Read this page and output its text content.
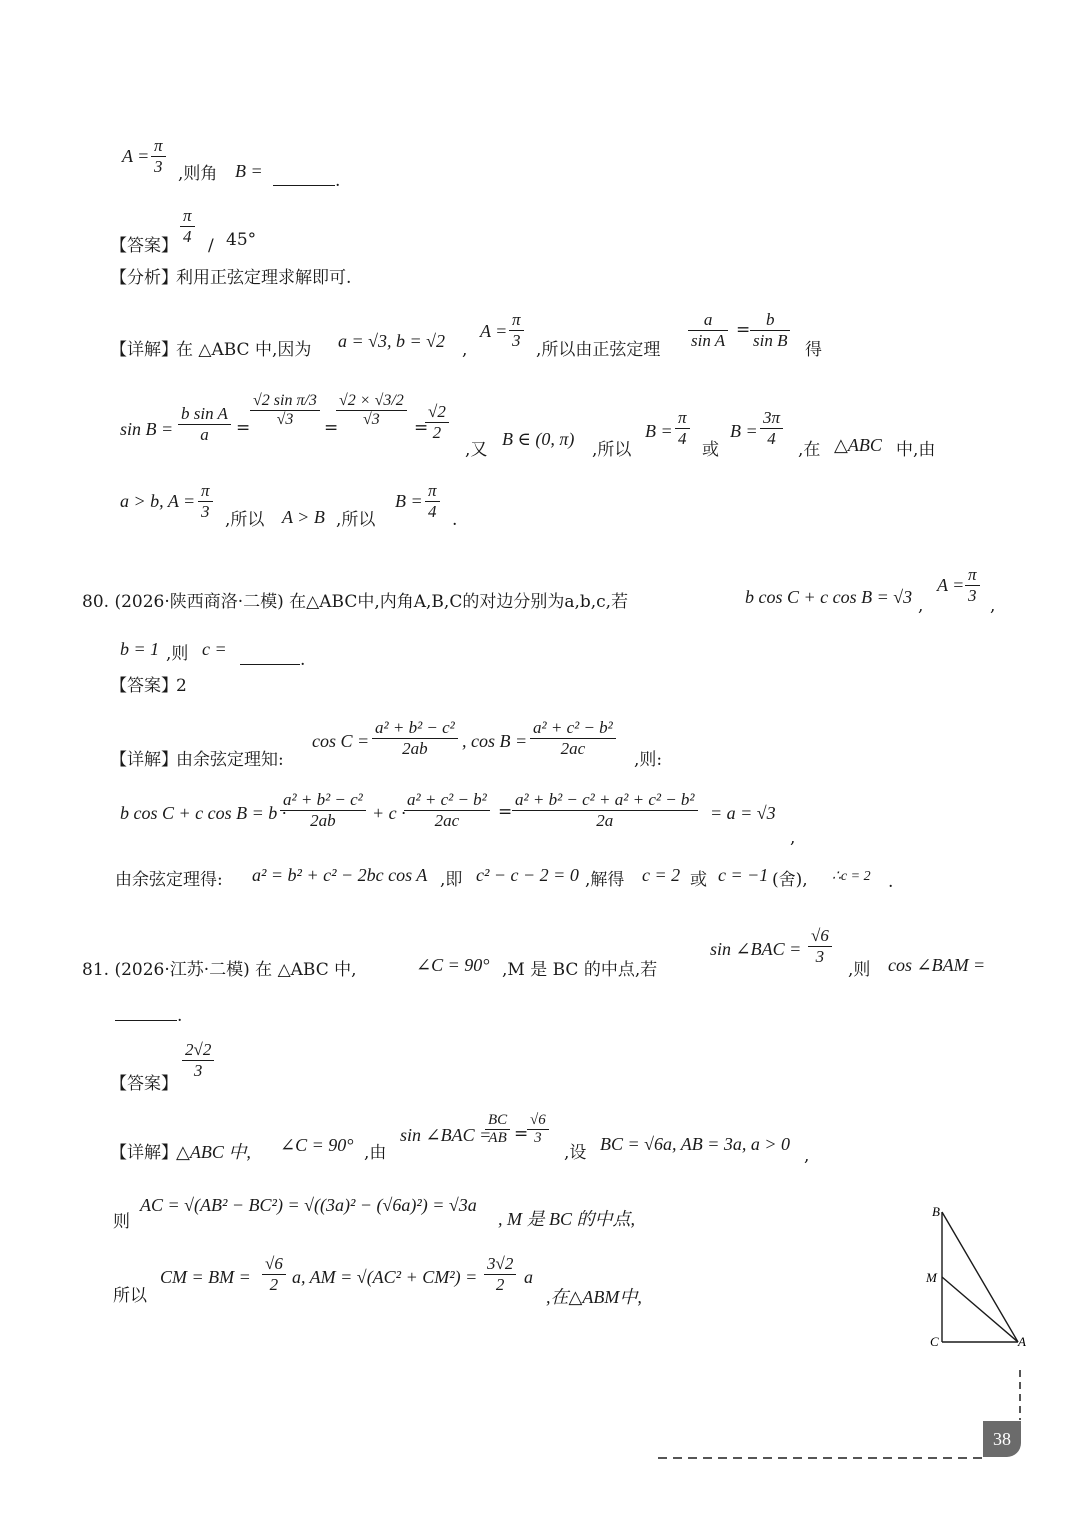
$A = \frac{\pi}{3}$ ,则角 B =	.
$\frac{\pi}{4}$
【答案】 / 45°
【分析】
利用正弦定理求解即可.
【详解】
在 △ABC 中,因为 a = √3, b = √2 ,
$A = \frac{\pi}{3}$ ,所以由正弦定理 $\frac{a}{\text{sin A}} = \frac{b}{\text{sin B}}$ 得
$\sin B = \frac{\text{b sin A}}{a} = \frac{\text{√2 sin π/3}}{√3}$ =
$\frac{√2 \times √3/2}{√3}$ =
$\frac{√2}{2}$
,又
B ∈ (0, π)
,所以
$B = \frac{\pi}{4}$
或
$B = \frac{3\pi}{4}$
,在 △ABC 中,由
a > b, $A = \frac{\pi}{3}$ ,所以 A > B ,所以
$B = \frac{\pi}{4}$ .
80. (2026·陕西商洛·二模) 在△ABC中,内角A,B,C的对边分别为a,b,c,若	b cos C + c cos B = √3 ,
$A = \frac{\pi}{3}$
,
b = 1 ,则 c =
.
【答案】
2
【详解】
由余弦定理知:
$\cos C = \frac{\text{a² + b² − c²}}{2ab}$ , $\cos B = \frac{\text{a² + c² − b²}}{2ac}$
,则:
b cos C + c cos B = b ·
$\frac{\text{a² + b² − c²}}{2ab} + c$ ·
$\frac{\text{a² + c² − b²}}{2ac} = \frac{\text{a² + b² − c² + a² + c² − b²}}{2a} = a = √3$
,
由余弦定理得: a² = b² + c² − 2bc cos A ,即 c² − c − 2 = 0 ,解得 c = 2 或 c = −1 (舍), ∴c = 2 .
81. (2026·江苏·二模) 在 △ABC 中,	∠C = 90° ,M 是 BC 的中点,若
sin ∠BAC = $\frac{√6}{3}$
,则 cos ∠BAM =
.
$\frac{2√2}{3}$
【答案】
【详解】
△ABC 中, ∠C = 90° ,由
sin ∠BAC =
$\frac{BC}{AB}$ =
$\frac{√6}{3}$
,设 BC = √6a, AB = 3a, a > 0
,
则
AC = √(AB² − BC²) = √((3a)² − (√6a)²) = √3a
, M 是 BC 的中点,
所以
CM = BM = $\frac{√6}{2} a$, AM = $√(AC^2 + CM^2) = \frac{3√2}{2}$ a
,在△ABM中,
B
M
C	A
38
